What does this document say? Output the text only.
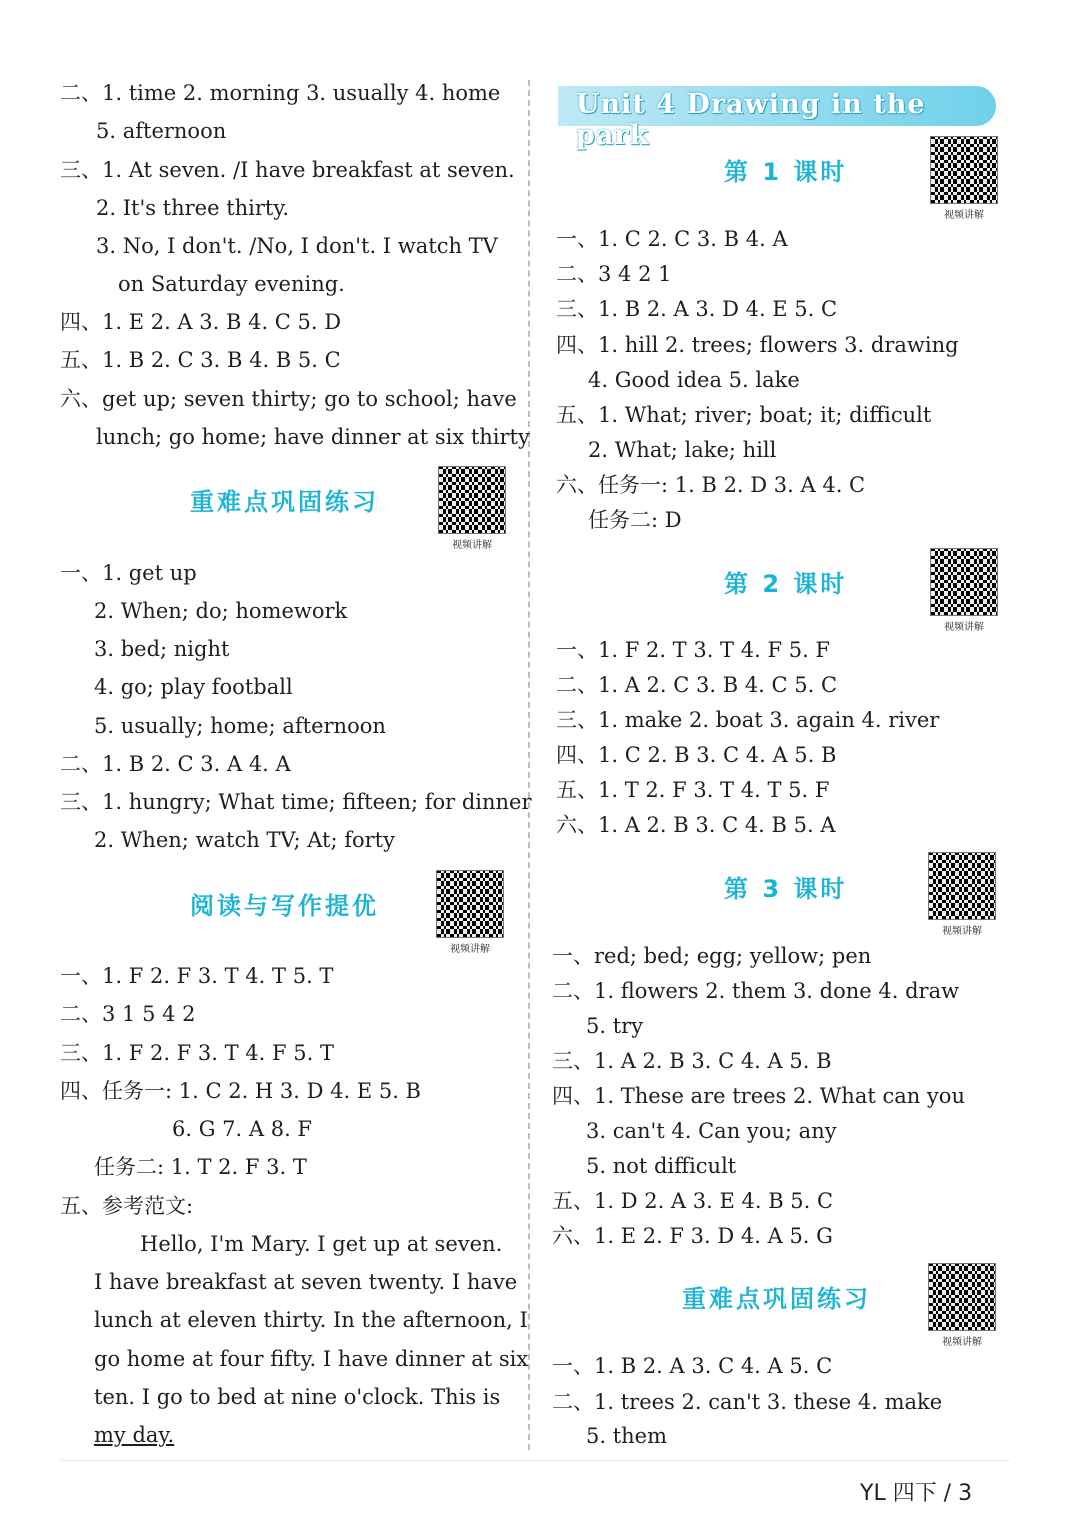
二、1. time 2. morning 3. usually 4. home
5. afternoon
三、1. At seven. /I have breakfast at seven.
2. It's three thirty.
3. No, I don't. /No, I don't. I watch TV
on Saturday evening.
四、1. E 2. A 3. B 4. C 5. D
五、1. B 2. C 3. B 4. B 5. C
六、get up; seven thirty; go to school; have
lunch; go home; have dinner at six thirty
重难点巩固练习
视频讲解
一、1. get up
2. When; do; homework
3. bed; night
4. go; play football
5. usually; home; afternoon
二、1. B 2. C 3. A 4. A
三、1. hungry; What time; fifteen; for dinner
2. When; watch TV; At; forty
阅读与写作提优
视频讲解
一、1. F 2. F 3. T 4. T 5. T
二、3 1 5 4 2
三、1. F 2. F 3. T 4. F 5. T
四、任务一: 1. C 2. H 3. D 4. E 5. B
6. G 7. A 8. F
任务二: 1. T 2. F 3. T
五、参考范文:
Hello, I'm Mary. I get up at seven.
I have breakfast at seven twenty. I have
lunch at eleven thirty. In the afternoon, I
go home at four fifty. I have dinner at six
ten. I go to bed at nine o'clock. This is
my day.
Unit 4 Drawing in the park
第 1 课时
视频讲解
一、1. C 2. C 3. B 4. A
二、3 4 2 1
三、1. B 2. A 3. D 4. E 5. C
四、1. hill 2. trees; flowers 3. drawing
4. Good idea 5. lake
五、1. What; river; boat; it; difficult
2. What; lake; hill
六、任务一: 1. B 2. D 3. A 4. C
任务二: D
第 2 课时
视频讲解
一、1. F 2. T 3. T 4. F 5. F
二、1. A 2. C 3. B 4. C 5. C
三、1. make 2. boat 3. again 4. river
四、1. C 2. B 3. C 4. A 5. B
五、1. T 2. F 3. T 4. T 5. F
六、1. A 2. B 3. C 4. B 5. A
第 3 课时
视频讲解
一、red; bed; egg; yellow; pen
二、1. flowers 2. them 3. done 4. draw
5. try
三、1. A 2. B 3. C 4. A 5. B
四、1. These are trees 2. What can you
3. can't 4. Can you; any
5. not difficult
五、1. D 2. A 3. E 4. B 5. C
六、1. E 2. F 3. D 4. A 5. G
重难点巩固练习
视频讲解
一、1. B 2. A 3. C 4. A 5. C
二、1. trees 2. can't 3. these 4. make
5. them
YL 四下 / 3
